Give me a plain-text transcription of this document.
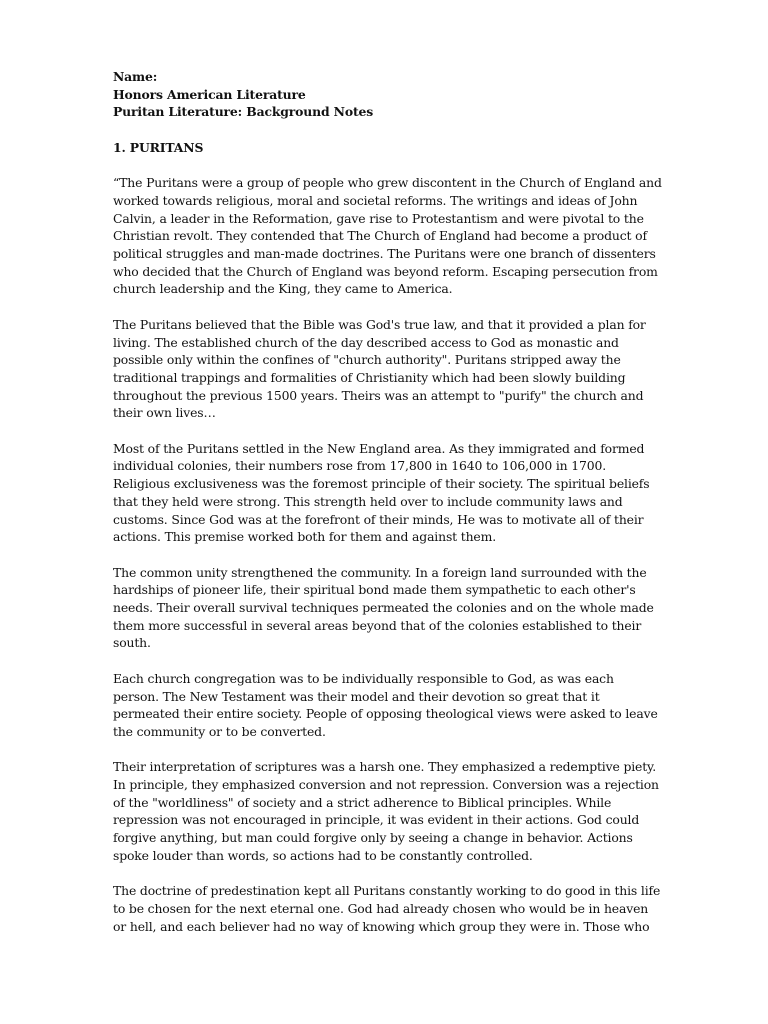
Name:
Honors American Literature
Puritan Literature: Background Notes
1. PURITANS

“The Puritans were a group of people who grew discontent in the Church of England and worked towards religious, moral and societal reforms. The writings and ideas of John Calvin, a leader in the Reformation, gave rise to Protestantism and were pivotal to the Christian revolt. They contended that The Church of England had become a product of political struggles and man-made doctrines. The Puritans were one branch of dissenters who decided that the Church of England was beyond reform. Escaping persecution from church leadership and the King, they came to America.

The Puritans believed that the Bible was God's true law, and that it provided a plan for living. The established church of the day described access to God as monastic and possible only within the confines of "church authority". Puritans stripped away the traditional trappings and formalities of Christianity which had been slowly building throughout the previous 1500 years. Theirs was an attempt to "purify" the church and their own lives…

Most of the Puritans settled in the New England area. As they immigrated and formed individual colonies, their numbers rose from 17,800 in 1640 to 106,000 in 1700. Religious exclusiveness was the foremost principle of their society. The spiritual beliefs that they held were strong. This strength held over to include community laws and customs. Since God was at the forefront of their minds, He was to motivate all of their actions. This premise worked both for them and against them.

The common unity strengthened the community. In a foreign land surrounded with the hardships of pioneer life, their spiritual bond made them sympathetic to each other's needs. Their overall survival techniques permeated the colonies and on the whole made them more successful in several areas beyond that of the colonies established to their south.

Each church congregation was to be individually responsible to God, as was each person. The New Testament was their model and their devotion so great that it permeated their entire society. People of opposing theological views were asked to leave the community or to be converted.

Their interpretation of scriptures was a harsh one. They emphasized a redemptive piety. In principle, they emphasized conversion and not repression. Conversion was a rejection of the "worldliness" of society and a strict adherence to Biblical principles. While repression was not encouraged in principle, it was evident in their actions. God could forgive anything, but man could forgive only by seeing a change in behavior. Actions spoke louder than words, so actions had to be constantly controlled.

The doctrine of predestination kept all Puritans constantly working to do good in this life to be chosen for the next eternal one. God had already chosen who would be in heaven or hell, and each believer had no way of knowing which group they were in. Those who
